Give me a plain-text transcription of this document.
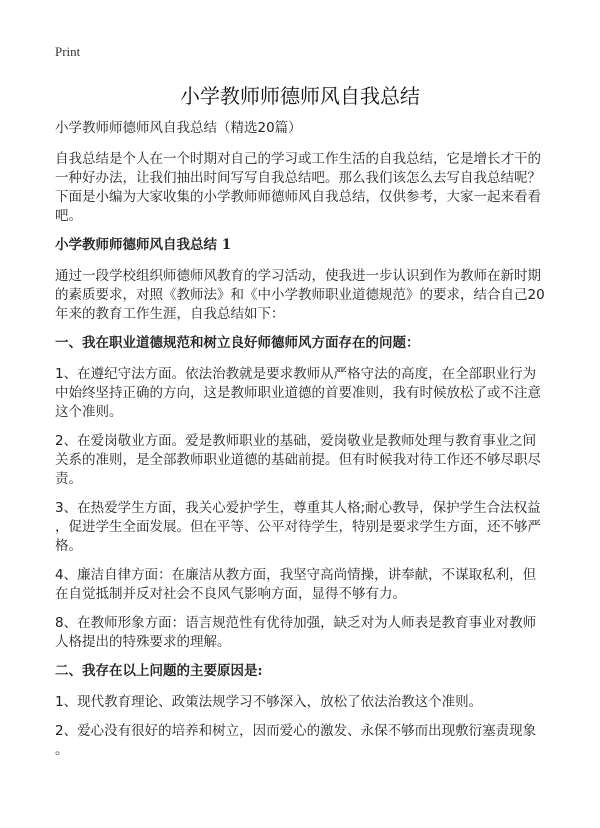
Print
小学教师师德师风自我总结
小学教师师德师风自我总结（精选20篇）
自我总结是个人在一个时期对自己的学习或工作生活的自我总结，它是增长才干的
一种好办法，让我们抽出时间写写自我总结吧。那么我们该怎么去写自我总结呢？
下面是小编为大家收集的小学教师师德师风自我总结，仅供参考，大家一起来看看
吧。
小学教师师德师风自我总结 1
通过一段学校组织师德师风教育的学习活动，使我进一步认识到作为教师在新时期
的素质要求，对照《教师法》和《中小学教师职业道德规范》的要求，结合自己20
年来的教育工作生涯，自我总结如下：
一、我在职业道德规范和树立良好师德师风方面存在的问题：
1、在遵纪守法方面。依法治教就是要求教师从严格守法的高度，在全部职业行为
中始终坚持正确的方向，这是教师职业道德的首要准则，我有时候放松了或不注意
这个准则。
2、在爱岗敬业方面。爱是教师职业的基础，爱岗敬业是教师处理与教育事业之间
关系的准则，是全部教师职业道德的基础前提。但有时候我对待工作还不够尽职尽
责。
3、在热爱学生方面，我关心爱护学生，尊重其人格;耐心教导，保护学生合法权益
，促进学生全面发展。但在平等、公平对待学生，特别是要求学生方面，还不够严
格。
4、廉洁自律方面：在廉洁从教方面，我坚守高尚情操，讲奉献，不谋取私利，但
在自觉抵制并反对社会不良风气影响方面，显得不够有力。
8、在教师形象方面：语言规范性有优待加强，缺乏对为人师表是教育事业对教师
人格提出的特殊要求的理解。
二、我存在以上问题的主要原因是:
1、现代教育理论、政策法规学习不够深入，放松了依法治教这个准则。
2、爱心没有很好的培养和树立，因而爱心的激发、永保不够而出现敷衍塞责现象
。
